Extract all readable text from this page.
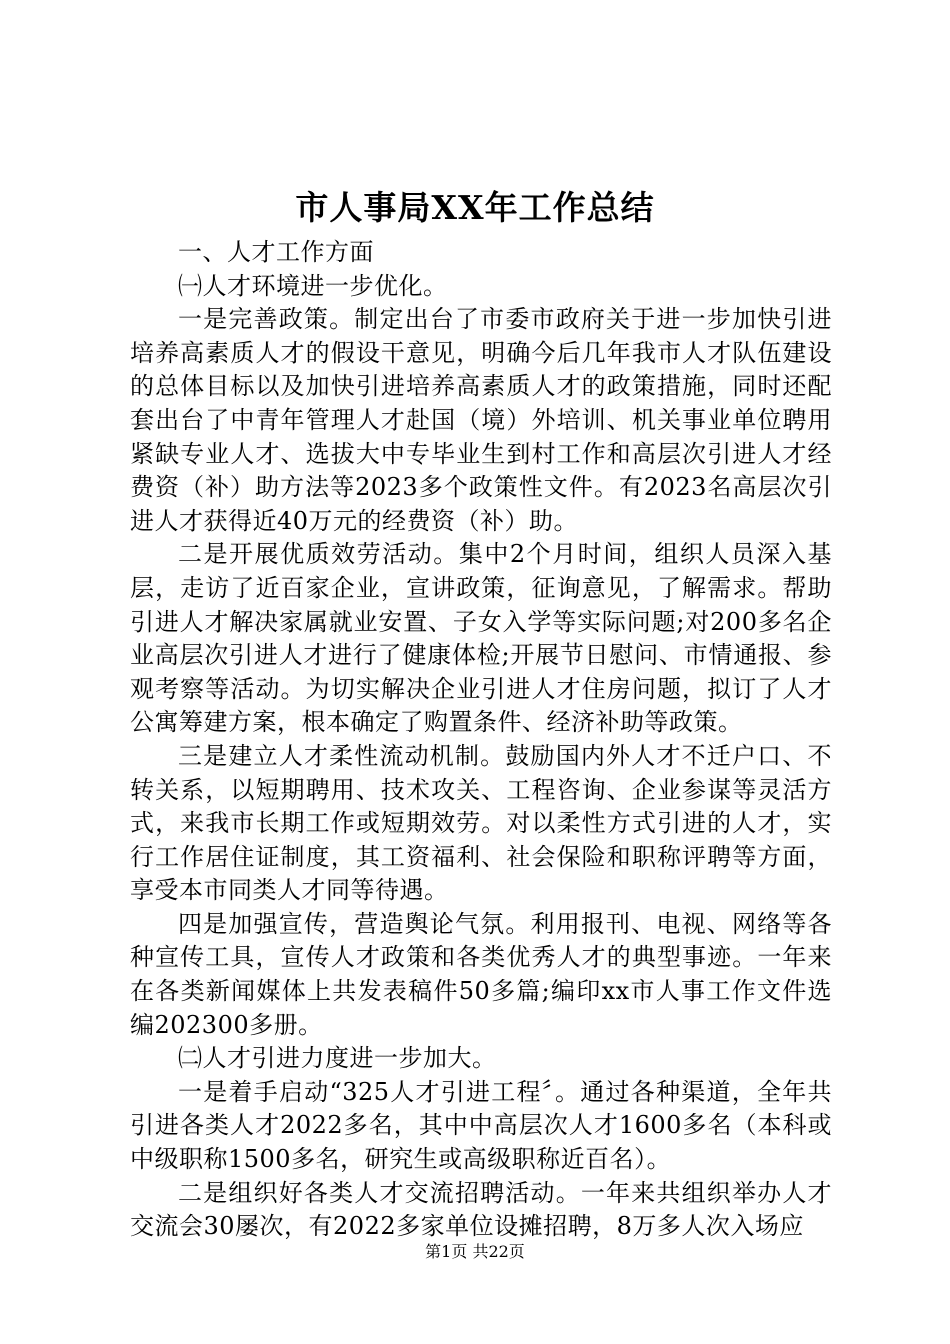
市人事局XX年工作总结

一、人才工作方面

㈠人才环境进一步优化。

一是完善政策。制定出台了市委市政府关于进一步加快引进培养高素质人才的假设干意见，明确今后几年我市人才队伍建设的总体目标以及加快引进培养高素质人才的政策措施，同时还配套出台了中青年管理人才赴国（境）外培训、机关事业单位聘用紧缺专业人才、选拔大中专毕业生到村工作和高层次引进人才经费资（补）助方法等2023多个政策性文件。有2023名高层次引进人才获得近40万元的经费资（补）助。

二是开展优质效劳活动。集中2个月时间，组织人员深入基层，走访了近百家企业，宣讲政策，征询意见，了解需求。帮助引进人才解决家属就业安置、子女入学等实际问题;对200多名企业高层次引进人才进行了健康体检;开展节日慰问、市情通报、参观考察等活动。为切实解决企业引进人才住房问题，拟订了人才公寓筹建方案，根本确定了购置条件、经济补助等政策。

三是建立人才柔性流动机制。鼓励国内外人才不迁户口、不转关系，以短期聘用、技术攻关、工程咨询、企业参谋等灵活方式，来我市长期工作或短期效劳。对以柔性方式引进的人才，实行工作居住证制度，其工资福利、社会保险和职称评聘等方面，享受本市同类人才同等待遇。

四是加强宣传，营造舆论气氛。利用报刊、电视、网络等各种宣传工具，宣传人才政策和各类优秀人才的典型事迹。一年来在各类新闻媒体上共发表稿件50多篇;编印xx市人事工作文件选编202300多册。

㈡人才引进力度进一步加大。

一是着手启动“325人才引进工程〞。通过各种渠道，全年共引进各类人才2022多名，其中中高层次人才1600多名（本科或中级职称1500多名，研究生或高级职称近百名）。

二是组织好各类人才交流招聘活动。一年来共组织举办人才交流会30屡次，有2022多家单位设摊招聘，8万多人次入场应

第1页 共22页
